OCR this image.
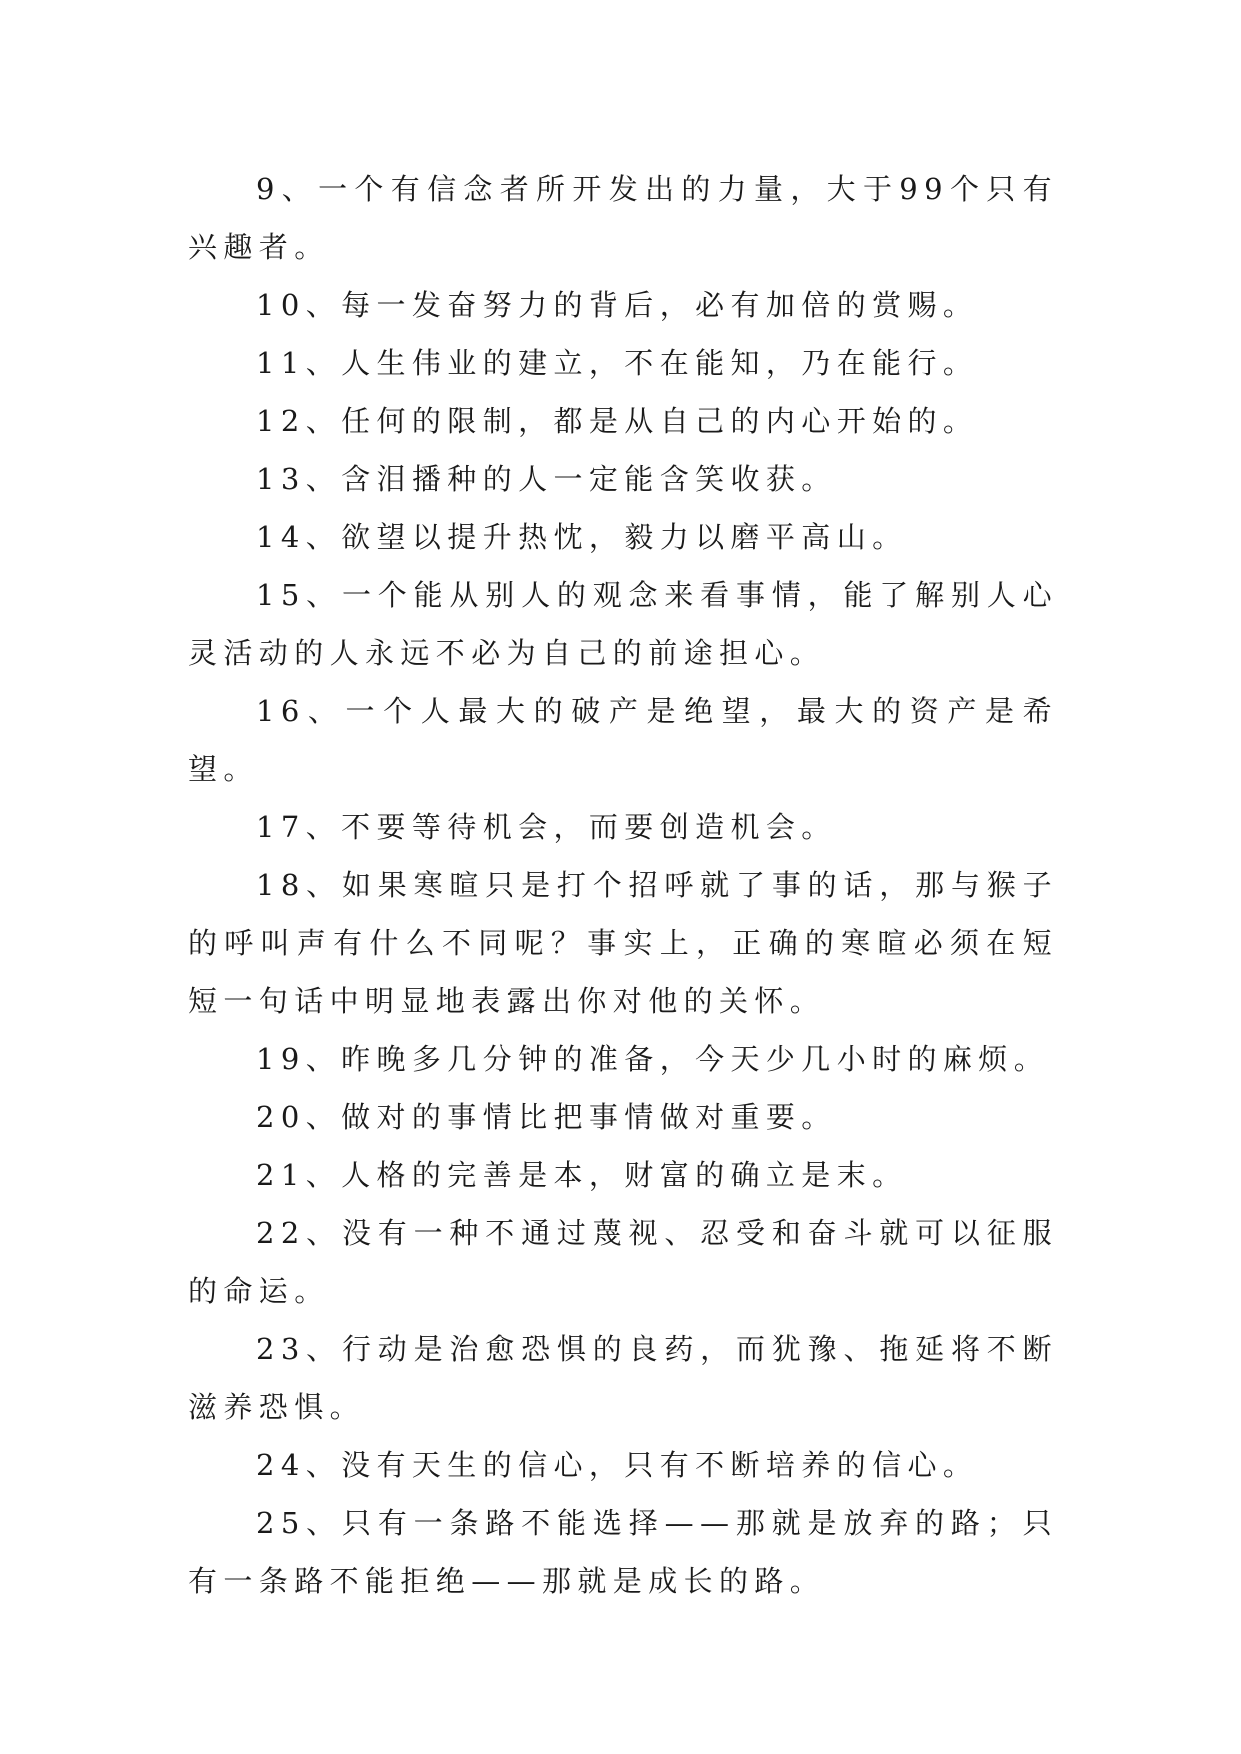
9、一个有信念者所开发出的力量，大于99个只有兴趣者。

10、每一发奋努力的背后，必有加倍的赏赐。

11、人生伟业的建立，不在能知，乃在能行。

12、任何的限制，都是从自己的内心开始的。

13、含泪播种的人一定能含笑收获。

14、欲望以提升热忱，毅力以磨平高山。

15、一个能从别人的观念来看事情，能了解别人心灵活动的人永远不必为自己的前途担心。

16、一个人最大的破产是绝望，最大的资产是希望。

17、不要等待机会，而要创造机会。

18、如果寒暄只是打个招呼就了事的话，那与猴子的呼叫声有什么不同呢？事实上，正确的寒暄必须在短短一句话中明显地表露出你对他的关怀。

19、昨晚多几分钟的准备，今天少几小时的麻烦。

20、做对的事情比把事情做对重要。

21、人格的完善是本，财富的确立是末。

22、没有一种不通过蔑视、忍受和奋斗就可以征服的命运。

23、行动是治愈恐惧的良药，而犹豫、拖延将不断滋养恐惧。

24、没有天生的信心，只有不断培养的信心。

25、只有一条路不能选择——那就是放弃的路；只有一条路不能拒绝——那就是成长的路。
